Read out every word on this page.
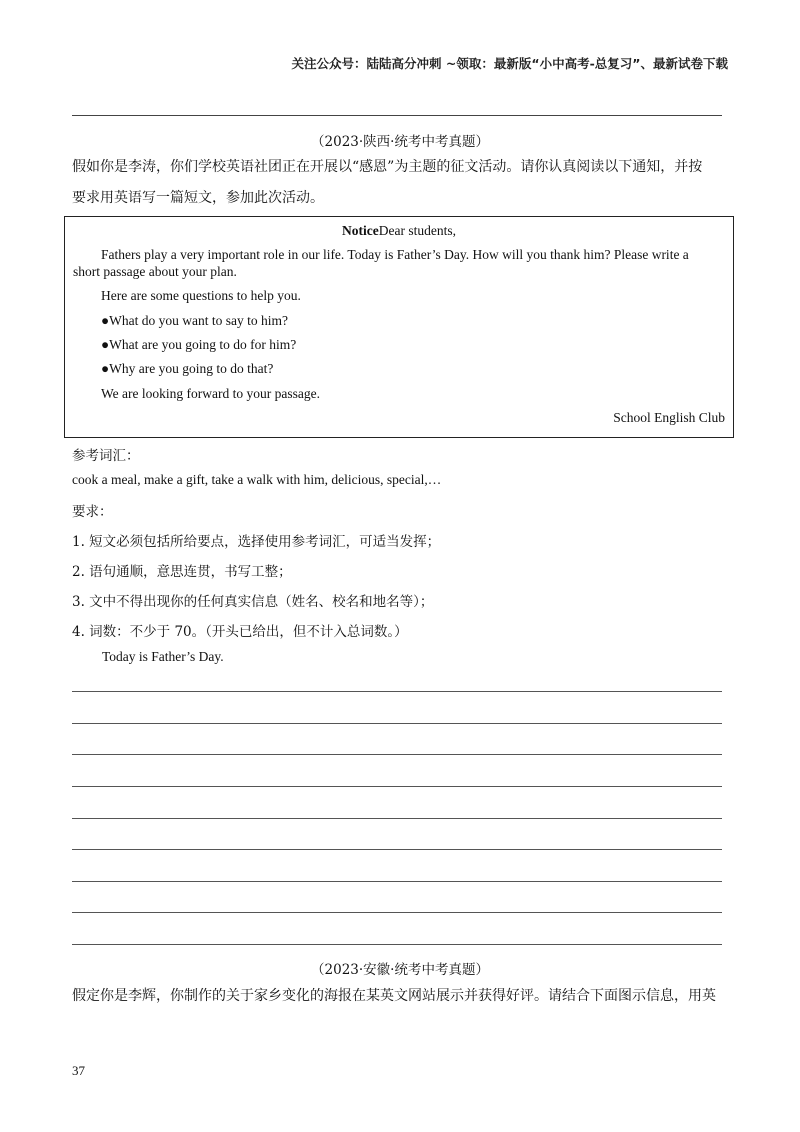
关注公众号：陆陆高分冲刺 ~领取：最新版“小中高考-总复习”、最新试卷下载
（2023·陕西·统考中考真题）
假如你是李涛，你们学校英语社团正在开展以“感恩”为主题的征文活动。请你认真阅读以下通知，并按
要求用英语写一篇短文，参加此次活动。
NoticeDear students,
Fathers play a very important role in our life. Today is Father’s Day. How will you thank him? Please write a
short passage about your plan.
Here are some questions to help you.
●What do you want to say to him?
●What are you going to do for him?
●Why are you going to do that?
We are looking forward to your passage.
School English Club
参考词汇：
cook a meal, make a gift, take a walk with him, delicious, special,…
要求：
1. 短文必须包括所给要点，选择使用参考词汇，可适当发挥；
2. 语句通顺，意思连贯，书写工整；
3. 文中不得出现你的任何真实信息（姓名、校名和地名等）；
4. 词数：不少于 70。（开头已给出，但不计入总词数。）
Today is Father’s Day.
（2023·安徽·统考中考真题）
假定你是李辉，你制作的关于家乡变化的海报在某英文网站展示并获得好评。请结合下面图示信息，用英
37
